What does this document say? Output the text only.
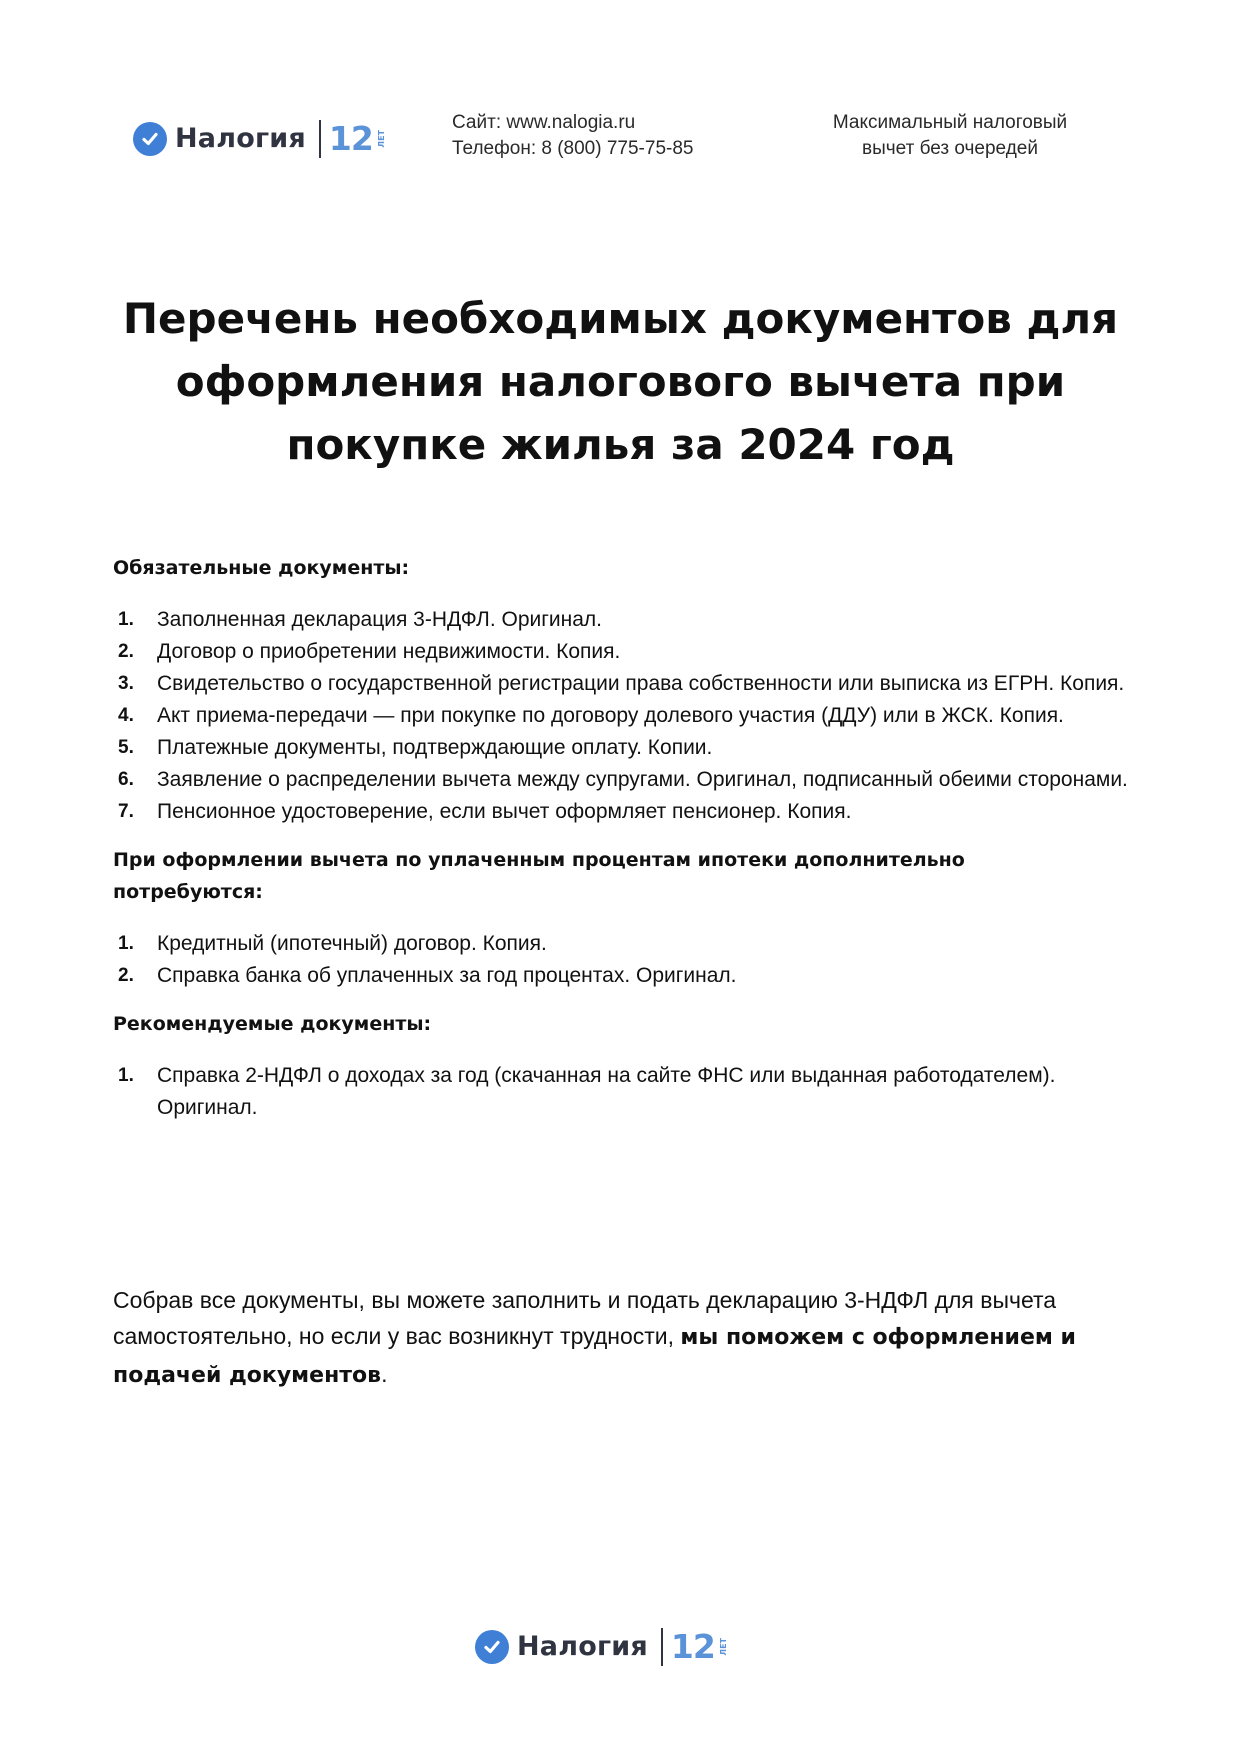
Налогия 12 ЛЕТ
Сайт: www.nalogia.ru
Телефон: 8 (800) 775-75-85
Максимальный налоговый
вычет без очередей
Перечень необходимых документов для
оформления налогового вычета при
покупке жилья за 2024 год
Обязательные документы:
1.	Заполненная декларация 3-НДФЛ. Оригинал.
2.	Договор о приобретении недвижимости. Копия.
3.	Свидетельство о государственной регистрации права собственности или выписка из ЕГРН. Копия.
4.	Акт приема-передачи — при покупке по договору долевого участия (ДДУ) или в ЖСК. Копия.
5.	Платежные документы, подтверждающие оплату. Копии.
6.	Заявление о распределении вычета между супругами. Оригинал, подписанный обеими сторонами.
7.	Пенсионное удостоверение, если вычет оформляет пенсионер. Копия.
При оформлении вычета по уплаченным процентам ипотеки дополнительно потребуются:
1.	Кредитный (ипотечный) договор. Копия.
2.	Справка банка об уплаченных за год процентах. Оригинал.
Рекомендуемые документы:
1.	Справка 2-НДФЛ о доходах за год (скачанная на сайте ФНС или выданная работодателем). Оригинал.

Собрав все документы, вы можете заполнить и подать декларацию 3-НДФЛ для вычета самостоятельно, но если у вас возникнут трудности, мы поможем с оформлением и подачей документов.

Налогия 12 ЛЕТ
